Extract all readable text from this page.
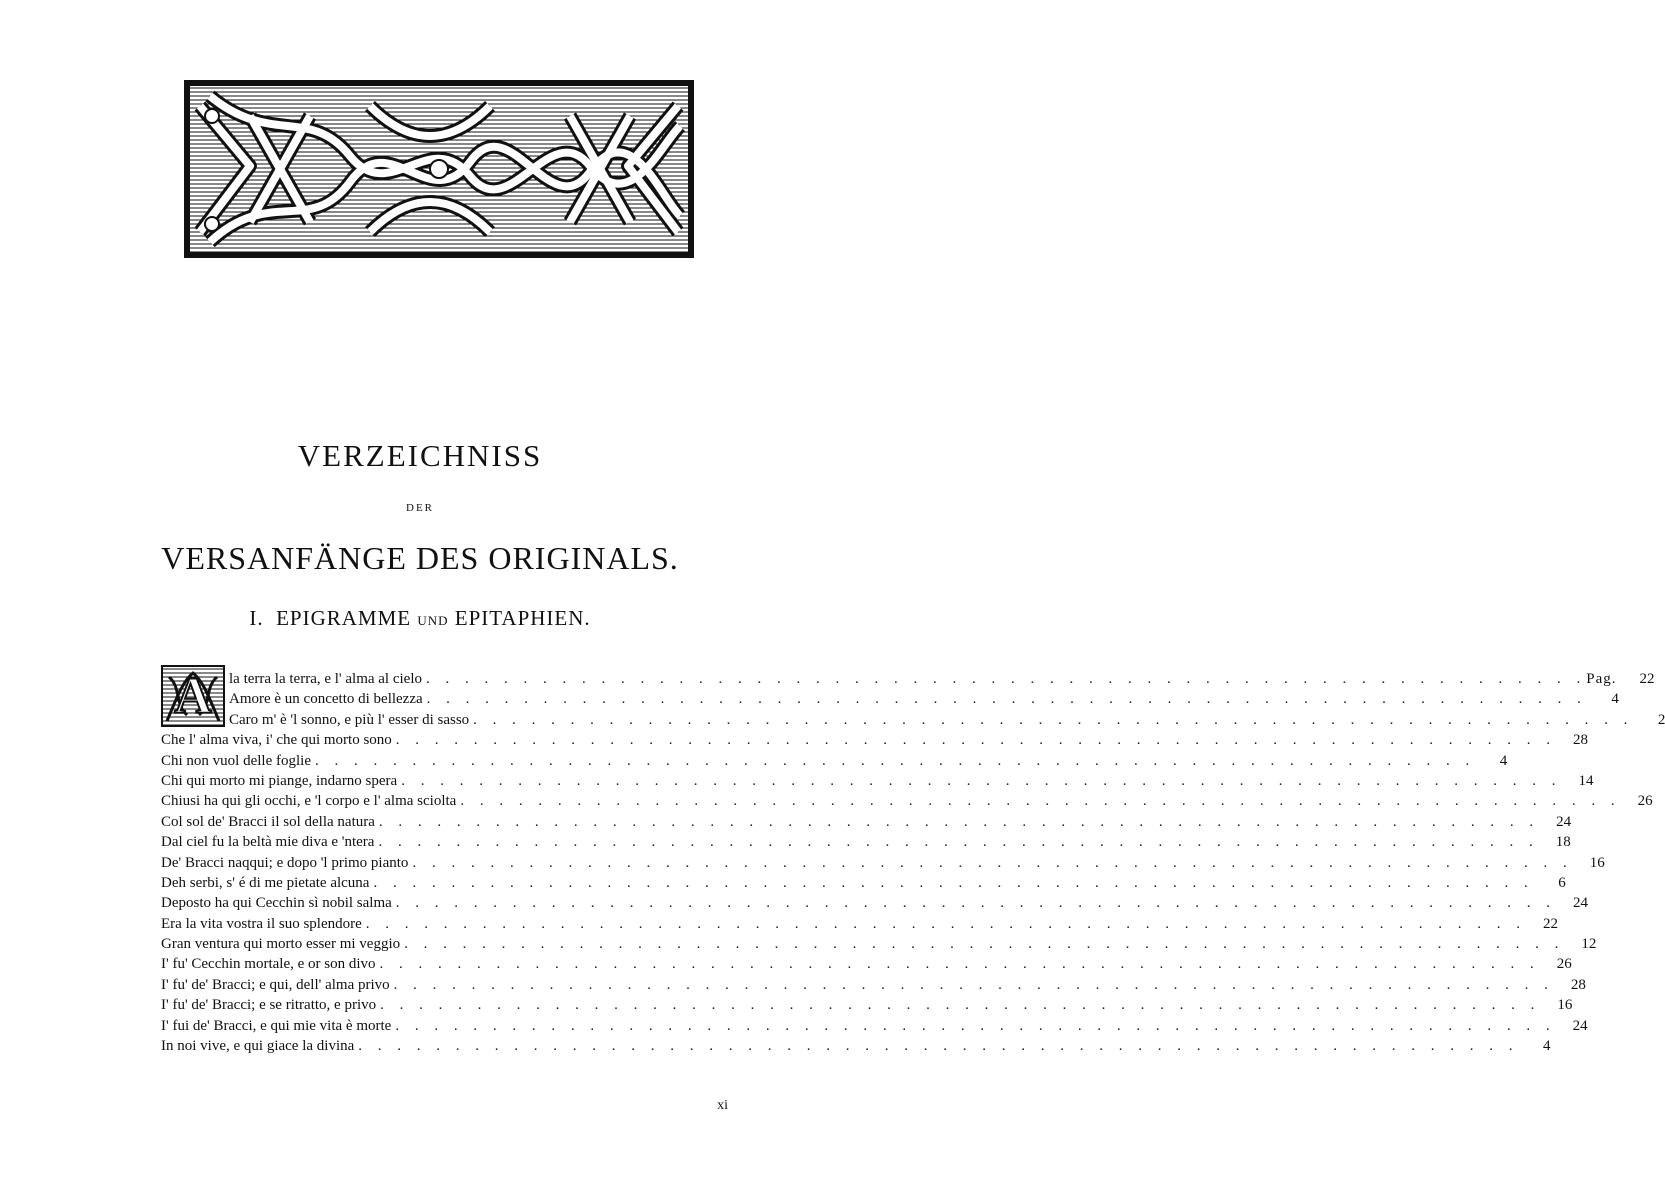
VERZEICHNISS
DER
VERSANFÄNGE DES ORIGINALS.
I. EPIGRAMME UND EPITAPHIEN.
A	la terra la terra, e l' alma al cielo . . . . . . . . . . . . . . . . . . . . . . . . . . . . . . . . . . . . . . . . . . . . . . . . . . . . . . . . . . . . Pag.	22
Amore è un concetto di bellezza . . . . . . . . . . . . . . . . . . . . . . . . . . . . . . . . . . . . . . . . . . . . . . . . . . . . . . . . . . . .	4
Caro m' è 'l sonno, e più l' esser di sasso . . . . . . . . . . . . . . . . . . . . . . . . . . . . . . . . . . . . . . . . . . . . . . . . . . . . . . . . . . . .	2
Che l' alma viva, i' che qui morto sono . . . . . . . . . . . . . . . . . . . . . . . . . . . . . . . . . . . . . . . . . . . . . . . . . . . . . . . . . . . .	28
Chi non vuol delle foglie . . . . . . . . . . . . . . . . . . . . . . . . . . . . . . . . . . . . . . . . . . . . . . . . . . . . . . . . . . . .	4
Chi qui morto mi piange, indarno spera . . . . . . . . . . . . . . . . . . . . . . . . . . . . . . . . . . . . . . . . . . . . . . . . . . . . . . . . . . . .	14
Chiusi ha qui gli occhi, e 'l corpo e l' alma sciolta . . . . . . . . . . . . . . . . . . . . . . . . . . . . . . . . . . . . . . . . . . . . . . . . . . . . . . . . . . . .	26
Col sol de' Bracci il sol della natura . . . . . . . . . . . . . . . . . . . . . . . . . . . . . . . . . . . . . . . . . . . . . . . . . . . . . . . . . . . .	24
Dal ciel fu la beltà mie diva e 'ntera . . . . . . . . . . . . . . . . . . . . . . . . . . . . . . . . . . . . . . . . . . . . . . . . . . . . . . . . . . . .	18
De' Bracci naqqui; e dopo 'l primo pianto . . . . . . . . . . . . . . . . . . . . . . . . . . . . . . . . . . . . . . . . . . . . . . . . . . . . . . . . . . . .	16
Deh serbi, s' é di me pietate alcuna . . . . . . . . . . . . . . . . . . . . . . . . . . . . . . . . . . . . . . . . . . . . . . . . . . . . . . . . . . . .	6
Deposto ha qui Cecchin sì nobil salma . . . . . . . . . . . . . . . . . . . . . . . . . . . . . . . . . . . . . . . . . . . . . . . . . . . . . . . . . . . .	24
Era la vita vostra il suo splendore . . . . . . . . . . . . . . . . . . . . . . . . . . . . . . . . . . . . . . . . . . . . . . . . . . . . . . . . . . . .	22
Gran ventura qui morto esser mi veggio . . . . . . . . . . . . . . . . . . . . . . . . . . . . . . . . . . . . . . . . . . . . . . . . . . . . . . . . . . . .	12
I' fu' Cecchin mortale, e or son divo . . . . . . . . . . . . . . . . . . . . . . . . . . . . . . . . . . . . . . . . . . . . . . . . . . . . . . . . . . . .	26
I' fu' de' Bracci; e qui, dell' alma privo . . . . . . . . . . . . . . . . . . . . . . . . . . . . . . . . . . . . . . . . . . . . . . . . . . . . . . . . . . . .	28
I' fu' de' Bracci; e se ritratto, e privo . . . . . . . . . . . . . . . . . . . . . . . . . . . . . . . . . . . . . . . . . . . . . . . . . . . . . . . . . . . .	16
I' fui de' Bracci, e qui mie vita è morte . . . . . . . . . . . . . . . . . . . . . . . . . . . . . . . . . . . . . . . . . . . . . . . . . . . . . . . . . . . .	24
In noi vive, e qui giace la divina . . . . . . . . . . . . . . . . . . . . . . . . . . . . . . . . . . . . . . . . . . . . . . . . . . . . . . . . . . . .	4
xi
